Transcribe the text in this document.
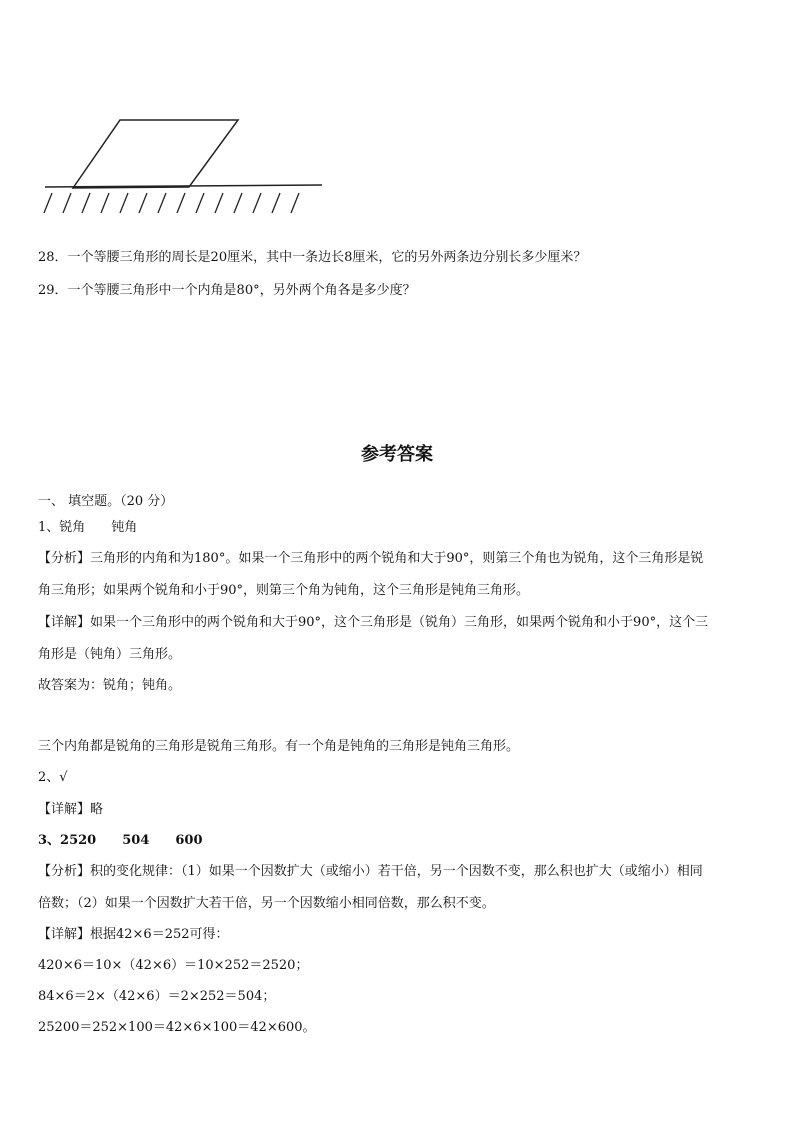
28．一个等腰三角形的周长是20厘米，其中一条边长8厘米，它的另外两条边分别长多少厘米？
29．一个等腰三角形中一个内角是80°，另外两个角各是多少度？
参考答案
一、 填空题。（20 分）
1、锐角　　钝角
【分析】三角形的内角和为180°。如果一个三角形中的两个锐角和大于90°，则第三个角也为锐角，这个三角形是锐
角三角形；如果两个锐角和小于90°，则第三个角为钝角，这个三角形是钝角三角形。
【详解】如果一个三角形中的两个锐角和大于90°，这个三角形是（锐角）三角形，如果两个锐角和小于90°，这个三
角形是（钝角）三角形。
故答案为：锐角；钝角。
三个内角都是锐角的三角形是锐角三角形。有一个角是钝角的三角形是钝角三角形。
2、√
【详解】略
3、2520　　504　　600
【分析】积的变化规律：（1）如果一个因数扩大（或缩小）若干倍，另一个因数不变，那么积也扩大（或缩小）相同
倍数；（2）如果一个因数扩大若干倍，另一个因数缩小相同倍数，那么积不变。
【详解】根据42×6＝252可得：
420×6＝10×（42×6）＝10×252＝2520；
84×6＝2×（42×6）＝2×252＝504；
25200＝252×100＝42×6×100＝42×600。
